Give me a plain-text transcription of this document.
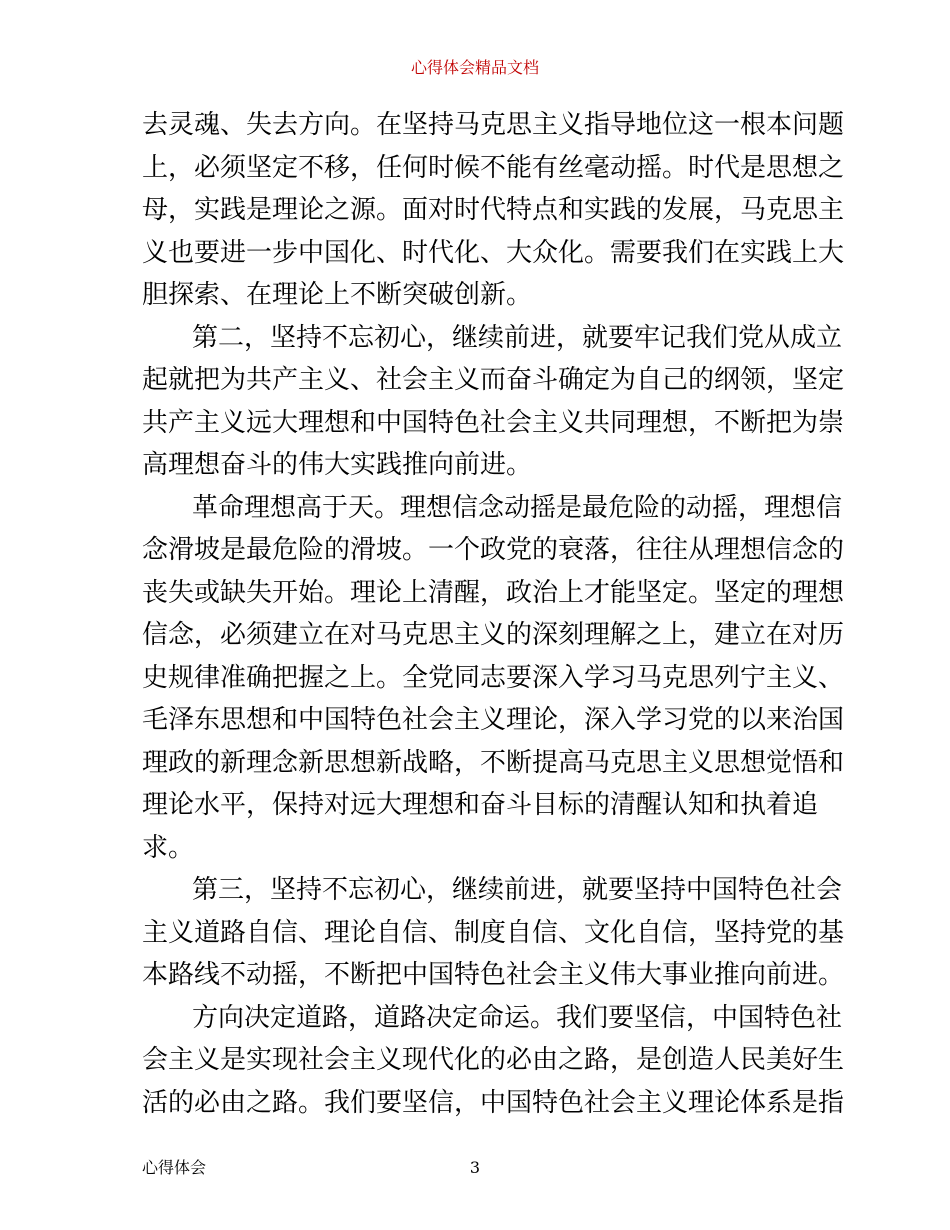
心得体会精品文档
去灵魂、失去方向。在坚持马克思主义指导地位这一根本问题
上，必须坚定不移，任何时候不能有丝毫动摇。时代是思想之
母，实践是理论之源。面对时代特点和实践的发展，马克思主
义也要进一步中国化、时代化、大众化。需要我们在实践上大
胆探索、在理论上不断突破创新。
第二，坚持不忘初心，继续前进，就要牢记我们党从成立
起就把为共产主义、社会主义而奋斗确定为自己的纲领，坚定
共产主义远大理想和中国特色社会主义共同理想，不断把为崇
高理想奋斗的伟大实践推向前进。
革命理想高于天。理想信念动摇是最危险的动摇，理想信
念滑坡是最危险的滑坡。一个政党的衰落，往往从理想信念的
丧失或缺失开始。理论上清醒，政治上才能坚定。坚定的理想
信念，必须建立在对马克思主义的深刻理解之上，建立在对历
史规律准确把握之上。全党同志要深入学习马克思列宁主义、
毛泽东思想和中国特色社会主义理论，深入学习党的以来治国
理政的新理念新思想新战略，不断提高马克思主义思想觉悟和
理论水平，保持对远大理想和奋斗目标的清醒认知和执着追
求。
第三，坚持不忘初心，继续前进，就要坚持中国特色社会
主义道路自信、理论自信、制度自信、文化自信，坚持党的基
本路线不动摇，不断把中国特色社会主义伟大事业推向前进。
方向决定道路，道路决定命运。我们要坚信，中国特色社
会主义是实现社会主义现代化的必由之路，是创造人民美好生
活的必由之路。我们要坚信，中国特色社会主义理论体系是指
心得体会	3
